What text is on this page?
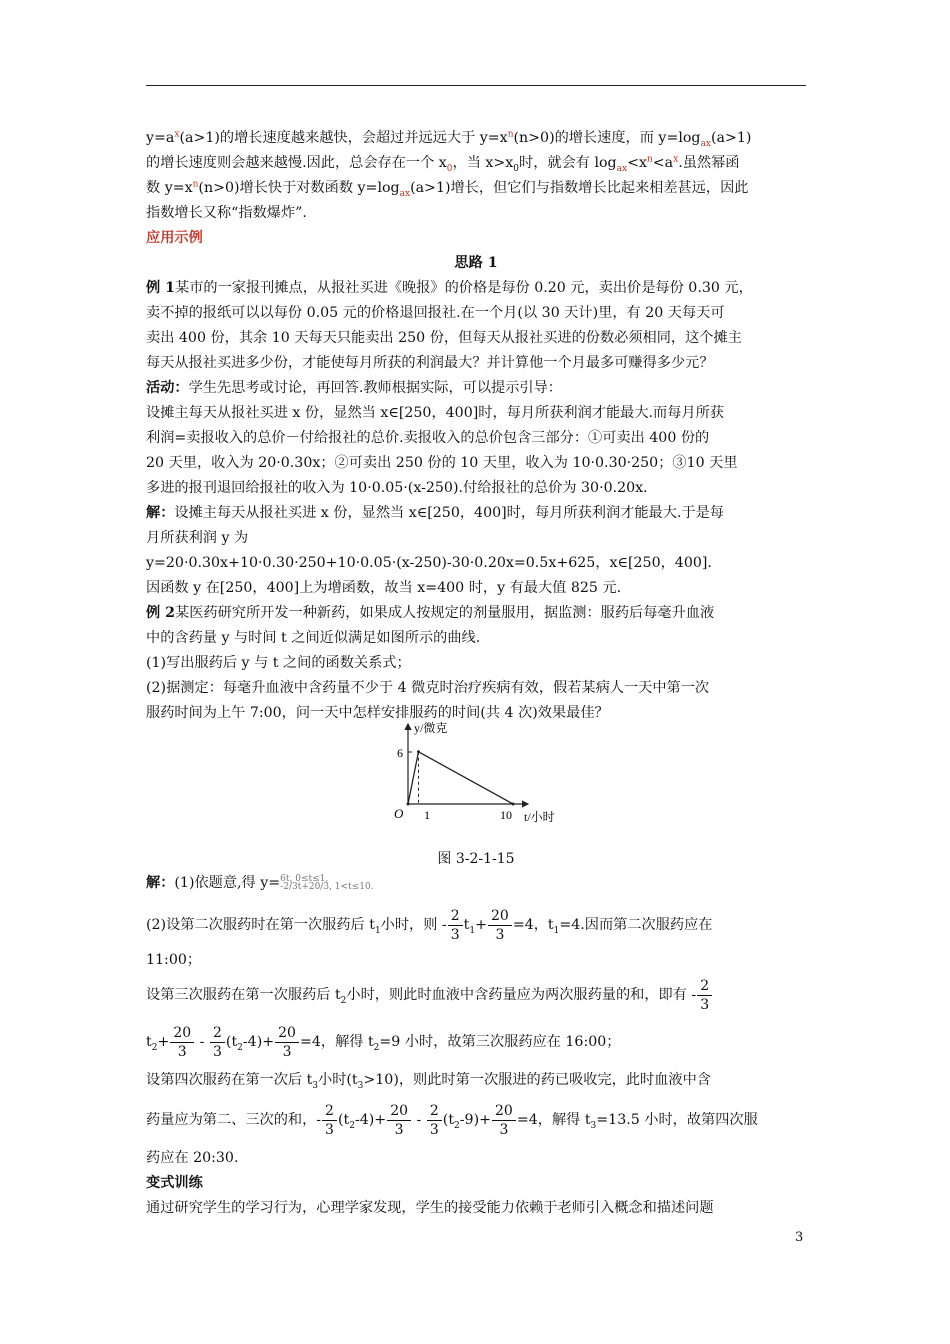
$y=a^x(a>1)$的增长速度越来越快，会超过并远远大于 $y=x^n(n>0)$的增长速度，而 $y=\log_{ax}(a>1)$
的增长速度则会越来越慢.因此，总会存在一个 $x_0$，当 $x>x_0$时，就会有 $\log_{ax}<x^n<a^x$.虽然幂函
数 $y=x^n(n>0)$增长快于对数函数 $y=\log_{ax}(a>1)$增长，但它们与指数增长比起来相差甚远，因此
指数增长又称“指数爆炸”.
应用示例
思路 1
例 1某市的一家报刊摊点，从报社买进《晚报》的价格是每份 0.20 元，卖出价是每份 0.30 元，
卖不掉的报纸可以以每份 0.05 元的价格退回报社.在一个月(以 30 天计)里，有 20 天每天可
卖出 400 份，其余 10 天每天只能卖出 250 份，但每天从报社买进的份数必须相同，这个摊主
每天从报社买进多少份，才能使每月所获的利润最大？并计算他一个月最多可赚得多少元？
活动：学生先思考或讨论，再回答.教师根据实际，可以提示引导：
设摊主每天从报社买进 x 份，显然当 x∈[250，400]时，每月所获利润才能最大.而每月所获
利润=卖报收入的总价－付给报社的总价.卖报收入的总价包含三部分：①可卖出 400 份的
20 天里，收入为 20·0.30x；②可卖出 250 份的 10 天里，收入为 10·0.30·250；③10 天里
多进的报刊退回给报社的收入为 10·0.05·(x-250).付给报社的总价为 30·0.20x.
解：设摊主每天从报社买进 x 份，显然当 x∈[250，400]时，每月所获利润才能最大.于是每
月所获利润 y 为
y=20·0.30x+10·0.30·250+10·0.05·(x-250)-30·0.20x=0.5x+625，x∈[250，400].
因函数 y 在[250，400]上为增函数，故当 x=400 时，y 有最大值 825 元.
例 2某医药研究所开发一种新药，如果成人按规定的剂量服用，据监测：服药后每毫升血液
中的含药量 y 与时间 t 之间近似满足如图所示的曲线.
(1)写出服药后 y 与 t 之间的函数关系式；
(2)据测定：每毫升血液中含药量不少于 4 微克时治疗疾病有效，假若某病人一天中第一次
服药时间为上午 7:00，问一天中怎样安排服药的时间(共 4 次)效果最佳？
O
6
1	10
y/微克
t/小时
图 3-2-1-15
解：(1)依题意,得 y= 6t, 0≤t≤1,
-2/3t+20/3, 1<t≤10.
(2)设第二次服药时在第一次服药后 $t_1$小时，则 - $\frac{2}{3} t_1+ \frac{20}{3} =4$，$t_1=4$.因而第二次服药应在
11:00；
设第三次服药在第一次服药后 $t_2$小时，则此时血液中含药量应为两次服药量的和，即有 - $\frac{2}{3}$
$t_2+ \frac{20}{3} - \frac{2}{3} (t_2-4)+ \frac{20}{3} =4$，解得 $t_2=9$ 小时，故第三次服药应在 16:00；
设第四次服药在第一次后 $t_3$小时$(t_3>10)$，则此时第一次服进的药已吸收完，此时血液中含
药量应为第二、三次的和，- $\frac{2}{3} (t_2-4)+ \frac{20}{3} - \frac{2}{3} (t_2-9)+ \frac{20}{3} =4$，解得 $t_3=13.5$ 小时，故第四次服
药应在 20:30.
变式训练
通过研究学生的学习行为，心理学家发现，学生的接受能力依赖于老师引入概念和描述问题
3
